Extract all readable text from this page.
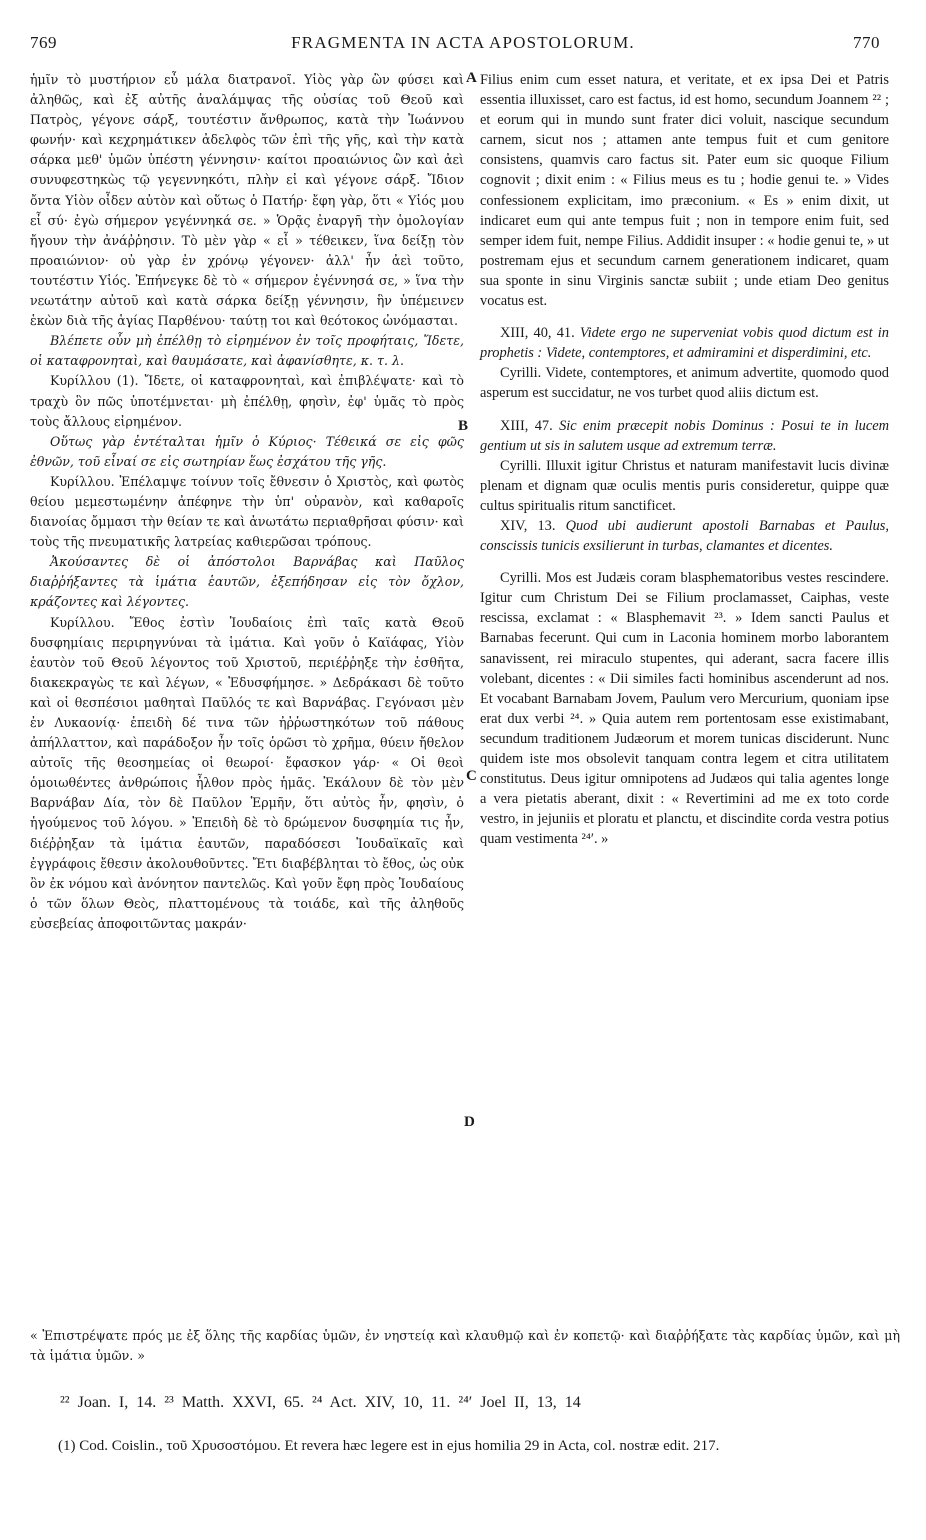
769	FRAGMENTA IN ACTA APOSTOLORUM.	770

ἡμῖν τὸ μυστήριον εὖ μάλα διατρανοῖ. Υἱὸς γὰρ ὢν φύσει καὶ ἀληθῶς, καὶ ἐξ αὐτῆς ἀναλάμψας τῆς οὐσίας τοῦ Θεοῦ καὶ Πατρὸς, γέγονε σάρξ, τουτέστιν ἄνθρωπος, κατὰ τὴν Ἰωάννου φωνήν· καὶ κεχρημάτικεν ἀδελφὸς τῶν ἐπὶ τῆς γῆς, καὶ τὴν κατὰ σάρκα μεθ' ὑμῶν ὑπέστη γέννησιν· καίτοι προαιώνιος ὢν καὶ ἀεὶ συνυφεστηκὼς τῷ γεγεννηκότι, πλὴν εἰ καὶ γέγονε σάρξ. Ἴδιον ὄντα Υἱὸν οἶδεν αὐτὸν καὶ οὕτως ὁ Πατήρ· ἔφη γὰρ, ὅτι « Υἱός μου εἶ σύ· ἐγὼ σήμερον γεγέννηκά σε. » Ὁρᾷς ἐναργῆ τὴν ὁμολογίαν ἤγουν τὴν ἀνάῤῥησιν. Τὸ μὲν γὰρ « εἶ » τέθεικεν, ἵνα δείξῃ τὸν προαιώνιον· οὐ γὰρ ἐν χρόνῳ γέγονεν· ἀλλ' ἦν ἀεὶ τοῦτο, τουτέστιν Υἱός. Ἐπήνεγκε δὲ τὸ « σήμερον ἐγέννησά σε, » ἵνα τὴν νεωτάτην αὐτοῦ καὶ κατὰ σάρκα δείξῃ γέννησιν, ἣν ὑπέμεινεν ἑκὼν διὰ τῆς ἁγίας Παρθένου· ταύτῃ τοι καὶ θεότοκος ὠνόμασται.

Βλέπετε οὖν μὴ ἐπέλθῃ τὸ εἰρημένον ἐν τοῖς προφήταις, Ἴδετε, οἱ καταφρονηταὶ, καὶ θαυμάσατε, καὶ ἀφανίσθητε, κ. τ. λ.

Κυρίλλου (1). Ἴδετε, οἱ καταφρονηταὶ, καὶ ἐπιβλέψατε· καὶ τὸ τραχὺ ὃν πῶς ὑποτέμνεται· μὴ ἐπέλθῃ, φησὶν, ἐφ' ὑμᾶς τὸ πρὸς τοὺς ἄλλους εἰρημένον.

Οὕτως γὰρ ἐντέταλται ἡμῖν ὁ Κύριος· Τέθεικά σε εἰς φῶς ἐθνῶν, τοῦ εἶναί σε εἰς σωτηρίαν ἕως ἐσχάτου τῆς γῆς.

Κυρίλλου. Ἐπέλαμψε τοίνυν τοῖς ἔθνεσιν ὁ Χριστὸς, καὶ φωτὸς θείου μεμεστωμένην ἀπέφηνε τὴν ὑπ' οὐρανὸν, καὶ καθαροῖς διανοίας ὄμμασι τὴν θείαν τε καὶ ἀνωτάτω περιαθρῆσαι φύσιν· καὶ τοὺς τῆς πνευματικῆς λατρείας καθιερῶσαι τρόπους.

Ἀκούσαντες δὲ οἱ ἀπόστολοι Βαρνάβας καὶ Παῦλος διαῤῥήξαντες τὰ ἱμάτια ἑαυτῶν, ἐξεπήδησαν εἰς τὸν ὄχλον, κράζοντες καὶ λέγοντες.

Κυρίλλου. Ἔθος ἐστὶν Ἰουδαίοις ἐπὶ ταῖς κατὰ Θεοῦ δυσφημίαις περιρηγνύναι τὰ ἱμάτια. Καὶ γοῦν ὁ Καϊάφας, Υἱὸν ἑαυτὸν τοῦ Θεοῦ λέγοντος τοῦ Χριστοῦ, περιέῤῥηξε τὴν ἐσθῆτα, διακεκραγὼς τε καὶ λέγων, « Ἐδυσφήμησε. » Δεδράκασι δὲ τοῦτο καὶ οἱ θεσπέσιοι μαθηταὶ Παῦλός τε καὶ Βαρνάβας. Γεγόνασι μὲν ἐν Λυκαονίᾳ· ἐπειδὴ δέ τινα τῶν ἠῤῥωστηκότων τοῦ πάθους ἀπήλλαττον, καὶ παράδοξον ἦν τοῖς ὁρῶσι τὸ χρῆμα, θύειν ἤθελον αὐτοῖς τῆς θεοσημείας οἱ θεωροί· ἔφασκον γάρ· « Οἱ θεοὶ ὁμοιωθέντες ἀνθρώποις ἦλθον πρὸς ἡμᾶς. Ἐκάλουν δὲ τὸν μὲν Βαρνάβαν Δία, τὸν δὲ Παῦλον Ἑρμῆν, ὅτι αὐτὸς ἦν, φησὶν, ὁ ἡγούμενος τοῦ λόγου. » Ἐπειδὴ δὲ τὸ δρώμενον δυσφημία τις ἦν, διέῤῥηξαν τὰ ἱμάτια ἑαυτῶν, παραδόσεσι Ἰουδαϊκαῖς καὶ ἐγγράφοις ἔθεσιν ἀκολουθοῦντες. Ἔτι διαβέβληται τὸ ἔθος, ὡς οὐκ ὂν ἐκ νόμου καὶ ἀνόνητον παντελῶς. Καὶ γοῦν ἔφη πρὸς Ἰουδαίους ὁ τῶν ὅλων Θεὸς, πλαττομένους τὰ τοιάδε, καὶ τῆς ἀληθοῦς εὐσεβείας ἀποφοιτῶντας μακράν·

Filius enim cum esset natura, et veritate, et ex ipsa Dei et Patris essentia illuxisset, caro est factus, id est homo, secundum Joannem ²² ; et eorum qui in mundo sunt frater dici voluit, nascique secundum carnem, sicut nos ; attamen ante tempus fuit et cum genitore consistens, quamvis caro factus sit. Pater eum sic quoque Filium cognovit ; dixit enim : « Filius meus es tu ; hodie genui te. » Vides confessionem explicitam, imo præconium. « Es » enim dixit, ut indicaret eum qui ante tempus fuit ; non in tempore enim fuit, sed semper idem fuit, nempe Filius. Addidit insuper : « hodie genui te, » ut postremam ejus et secundum carnem generationem indicaret, quam sua sponte in sinu Virginis sanctæ subiit ; unde etiam Deo genitus vocatus est.

XIII, 40, 41. Videte ergo ne superveniat vobis quod dictum est in prophetis : Videte, contemptores, et admiramini et disperdimini, etc.

Cyrilli. Videte, contemptores, et animum advertite, quomodo quod asperum est succidatur, ne vos turbet quod aliis dictum est.

XIII, 47. Sic enim præcepit nobis Dominus : Posui te in lucem gentium ut sis in salutem usque ad extremum terræ.

Cyrilli. Illuxit igitur Christus et naturam manifestavit lucis divinæ plenam et dignam quæ oculis mentis puris consideretur, quippe quæ cultus spiritualis ritum sanctificet.

XIV, 13. Quod ubi audierunt apostoli Barnabas et Paulus, conscissis tunicis exsilierunt in turbas, clamantes et dicentes.

Cyrilli. Mos est Judæis coram blasphematoribus vestes rescindere. Igitur cum Christum Dei se Filium proclamasset, Caiphas, veste rescissa, exclamat : « Blasphemavit ²³. » Idem sancti Paulus et Barnabas fecerunt. Qui cum in Laconia hominem morbo laborantem sanavissent, rei miraculo stupentes, qui aderant, sacra facere illis volebant, dicentes : « Dii similes facti hominibus ascenderunt ad nos. Et vocabant Barnabam Jovem, Paulum vero Mercurium, quoniam ipse erat dux verbi ²⁴. » Quia autem rem portentosam esse existimabant, secundum traditionem Judæorum et morem tunicas disciderunt. Nunc quidem iste mos obsolevit tanquam contra legem et citra utilitatem constitutus. Deus igitur omnipotens ad Judæos qui talia agentes longe a vera pietatis aberant, dixit : « Revertimini ad me ex toto corde vestro, in jejuniis et ploratu et planctu, et discindite corda vestra potius quam vestimenta ²⁴′. »

A
B
C
D

« Ἐπιστρέψατε πρός με ἐξ ὅλης τῆς καρδίας ὑμῶν, ἐν νηστείᾳ καὶ κλαυθμῷ καὶ ἐν κοπετῷ· καὶ διαῤῥήξατε τὰς καρδίας ὑμῶν, καὶ μὴ τὰ ἱμάτια ὑμῶν. »

²² Joan. I, 14. ²³ Matth. XXVI, 65. ²⁴ Act. XIV, 10, 11. ²⁴′ Joel II, 13, 14

(1) Cod. Coislin., τοῦ Χρυσοστόμου. Et revera hæc legere est in ejus homilia 29 in Acta, col. nostræ edit. 217.
